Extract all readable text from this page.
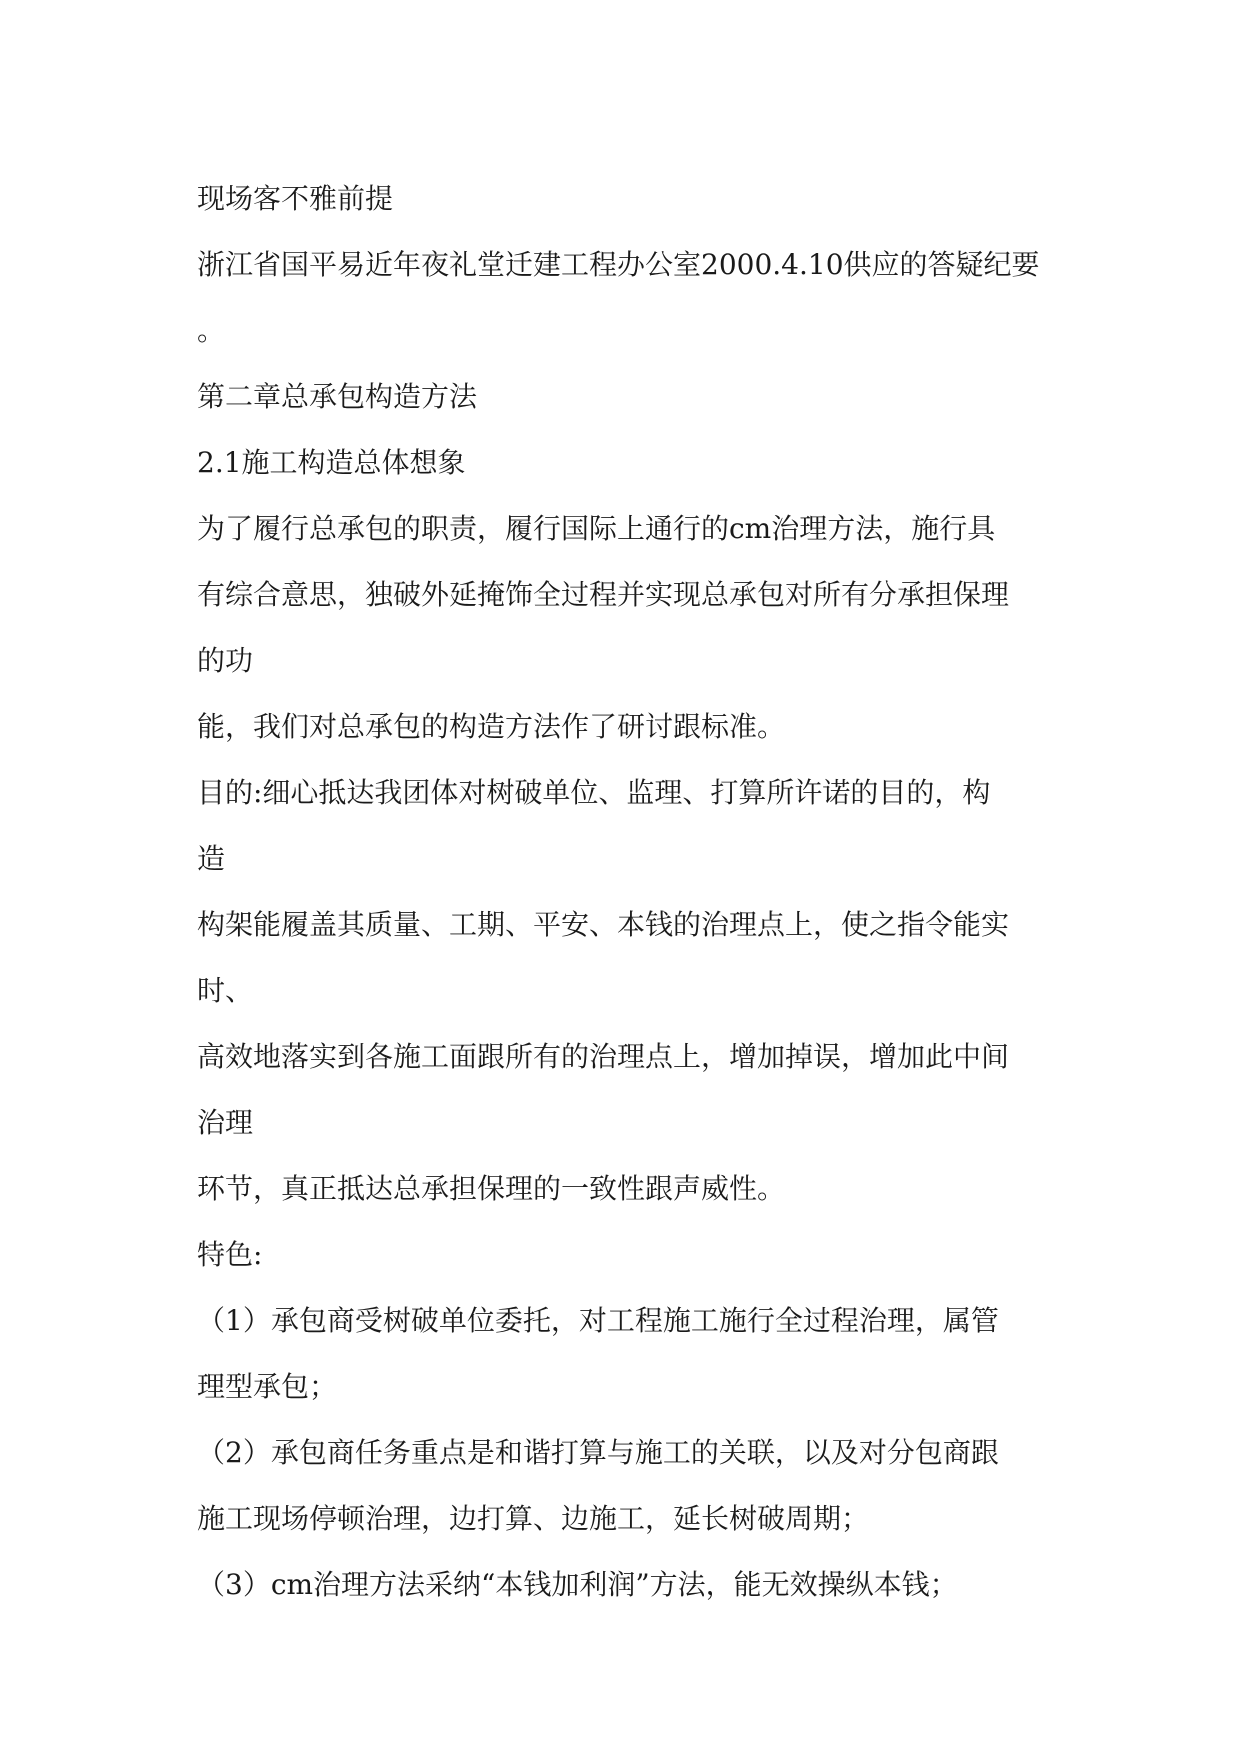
现场客不雅前提

浙江省国平易近年夜礼堂迁建工程办公室2000.4.10供应的答疑纪要

。

第二章总承包构造方法

2.1施工构造总体想象

为了履行总承包的职责，履行国际上通行的cm治理方法，施行具

有综合意思，独破外延掩饰全过程并实现总承包对所有分承担保理

的功

能，我们对总承包的构造方法作了研讨跟标准。

目的:细心抵达我团体对树破单位、监理、打算所许诺的目的，构

造

构架能履盖其质量、工期、平安、本钱的治理点上，使之指令能实

时、

高效地落实到各施工面跟所有的治理点上，增加掉误，增加此中间

治理

环节，真正抵达总承担保理的一致性跟声威性。

特色:

（1）承包商受树破单位委托，对工程施工施行全过程治理，属管

理型承包；

（2）承包商任务重点是和谐打算与施工的关联，以及对分包商跟

施工现场停顿治理，边打算、边施工，延长树破周期；

（3）cm治理方法采纳“本钱加利润”方法，能无效操纵本钱；
